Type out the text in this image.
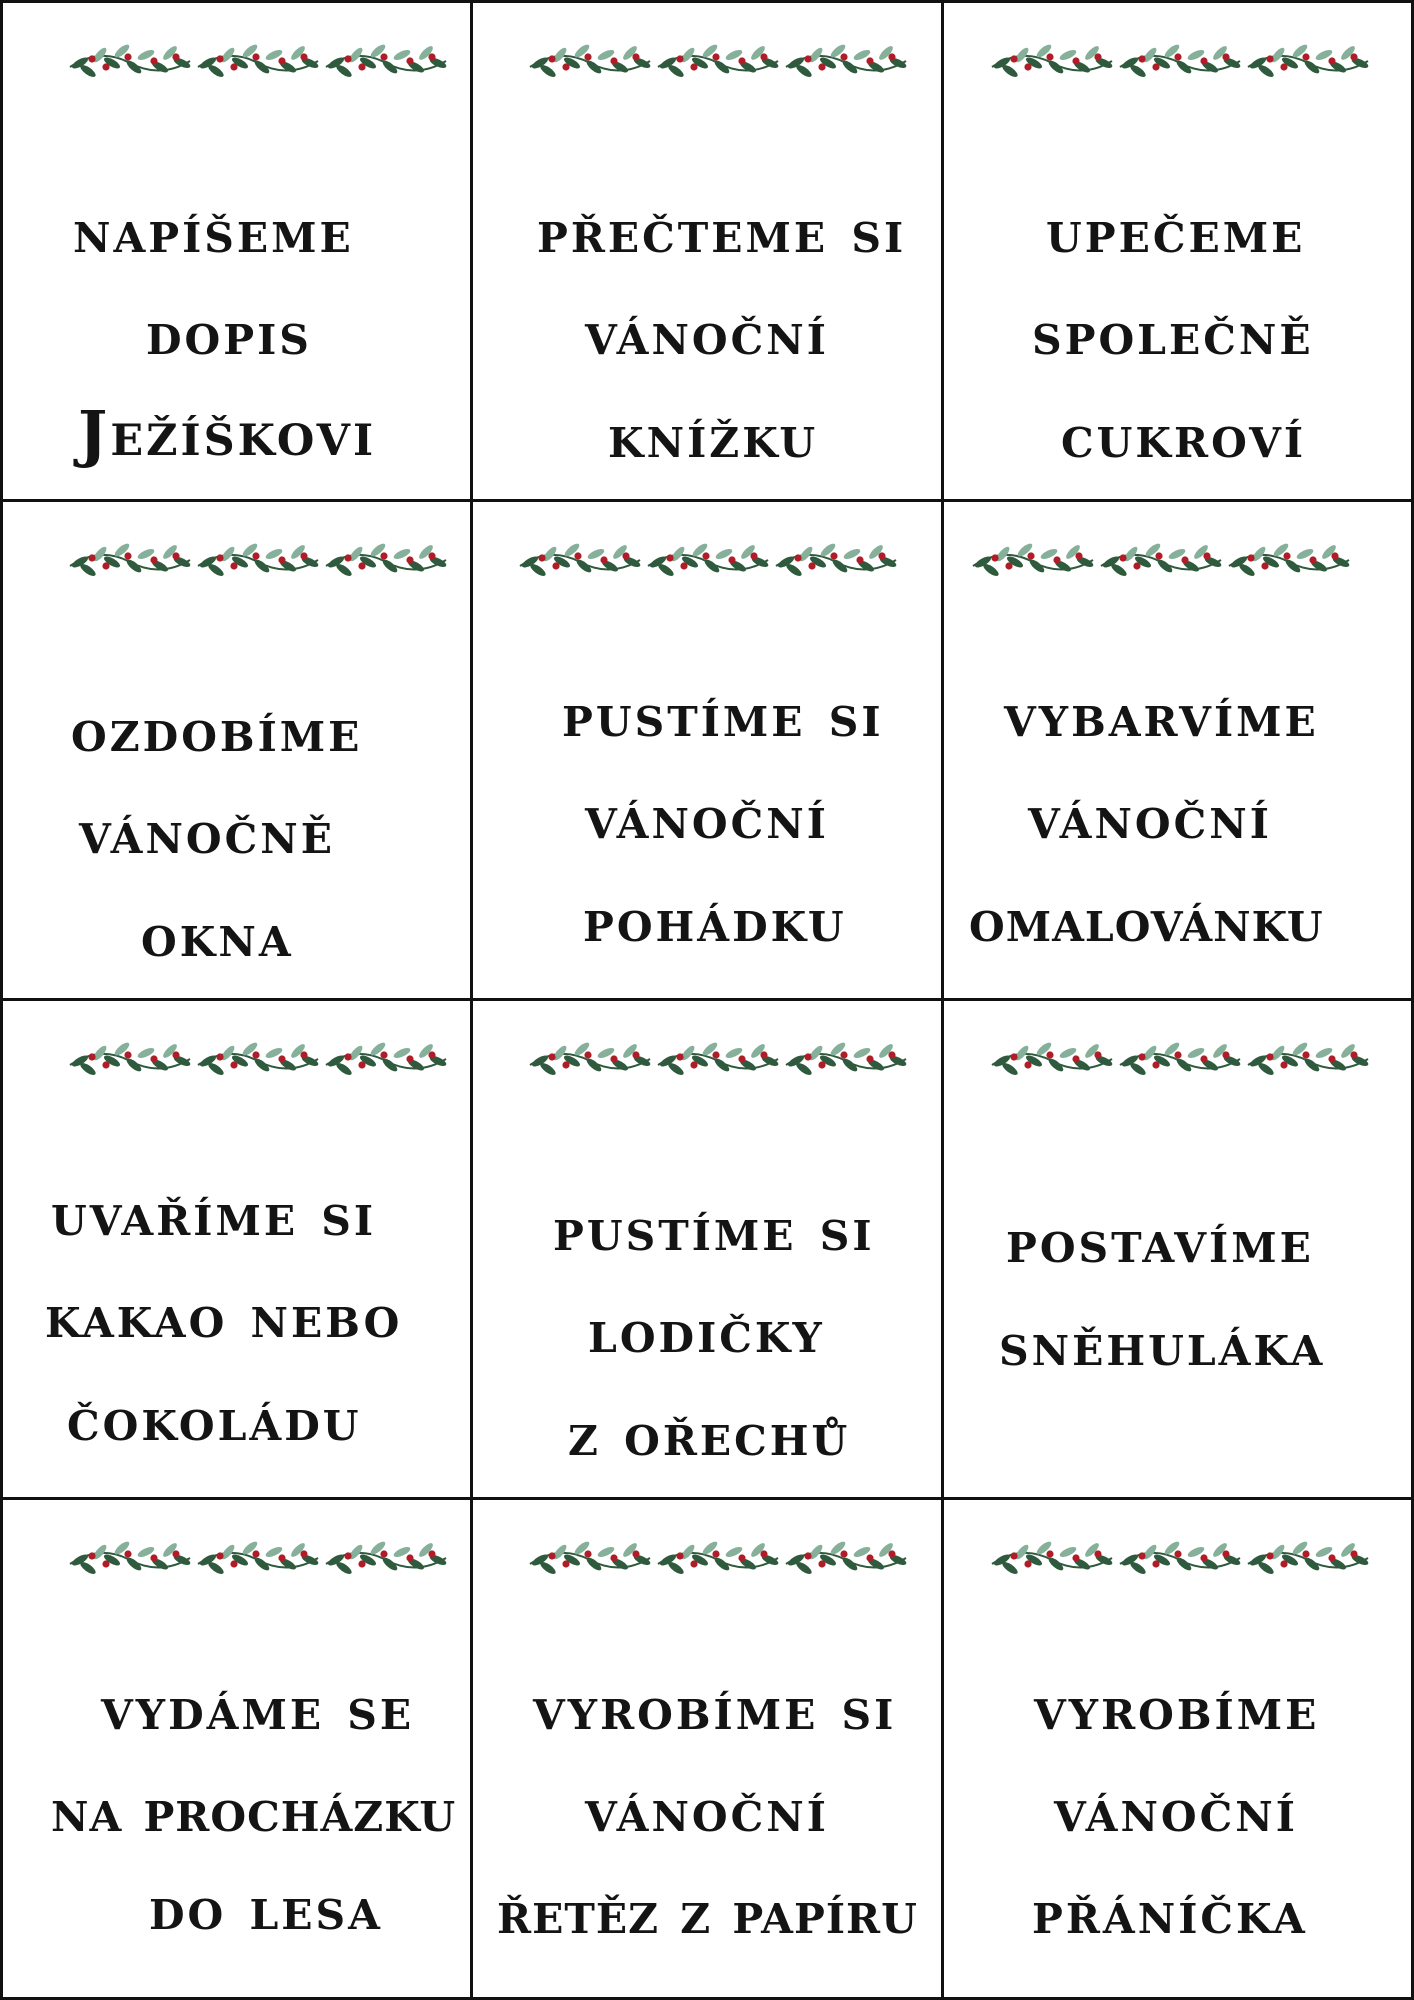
napíšeme
dopis
Ježíškovi
přečteme si
vánoční
knížku
upečeme
společně
cukroví
ozdobíme
vánočně
okna
pustíme si
vánoční
pohádku
vybarvíme
vánoční
omalovánku
uvaříme si
kakao nebo
čokoládu
pustíme si
lodičky
z ořechů
postavíme
sněhuláka
vydáme se
na procházku
do lesa
vyrobíme si
vánoční
řetěz z papíru
vyrobíme
vánoční
přáníčka
